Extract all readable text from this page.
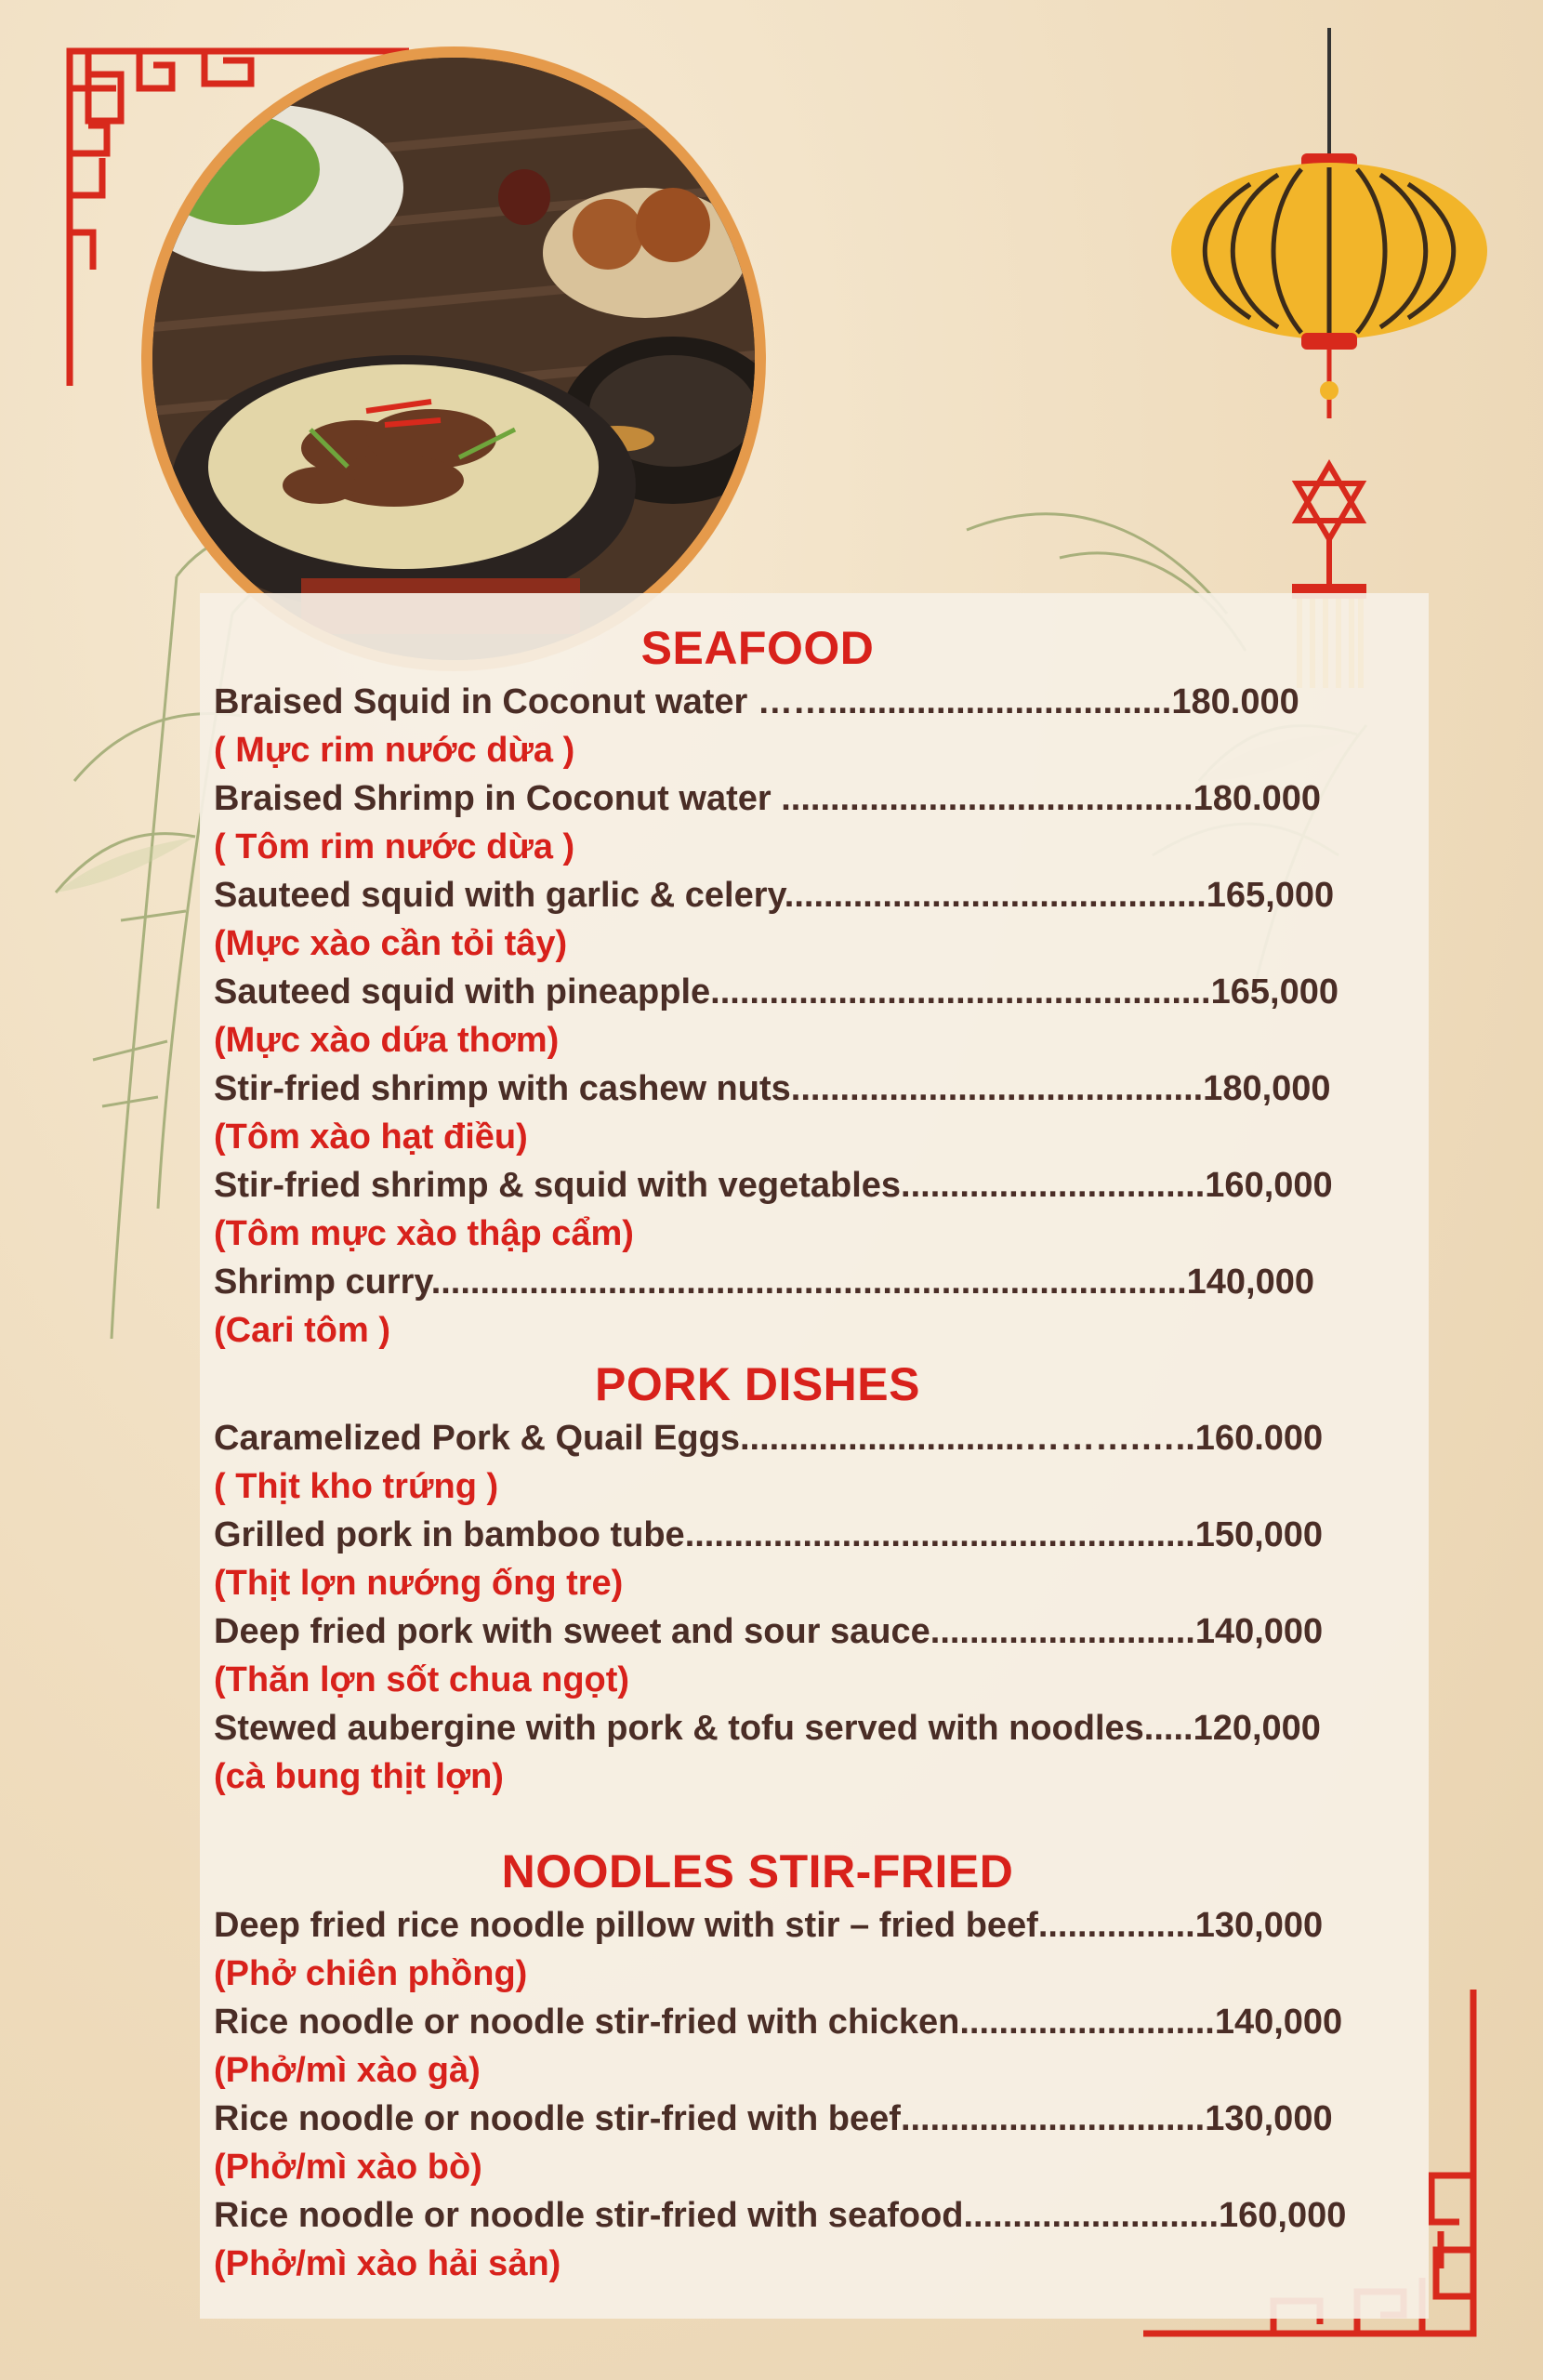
SEAFOOD
Braised Squid in Coconut water ……...................................180.000
( Mực rim nước dừa )
Braised Shrimp in Coconut water ..........................................180.000
( Tôm rim nước dừa )
Sauteed squid with garlic & celery...........................................165,000
(Mực xào cần tỏi tây)
Sauteed squid with pineapple...................................................165,000
(Mực xào dứa thơm)
Stir-fried shrimp with cashew nuts..........................................180,000
(Tôm xào hạt điều)
Stir-fried shrimp & squid with vegetables...............................160,000
(Tôm mực xào thập cẩm)
Shrimp curry.............................................................................140,000
(Cari tôm )
PORK DISHES
Caramelized Pork & Quail Eggs.............................……….…..160.000
( Thịt kho trứng )
Grilled pork in bamboo tube....................................................150,000
(Thịt lợn nướng ống tre)
Deep fried pork with sweet and sour sauce...........................140,000
(Thăn lợn sốt chua ngọt)
Stewed aubergine with pork & tofu served with noodles.....120,000
(cà bung thịt lợn)
NOODLES STIR-FRIED
Deep fried rice noodle pillow with stir – fried beef................130,000
(Phở chiên phồng)
Rice noodle or noodle stir-fried with chicken..........................140,000
(Phở/mì xào gà)
Rice noodle or noodle stir-fried with beef...............................130,000
(Phở/mì xào bò)
Rice noodle or noodle stir-fried with seafood..........................160,000
(Phở/mì xào hải sản)
